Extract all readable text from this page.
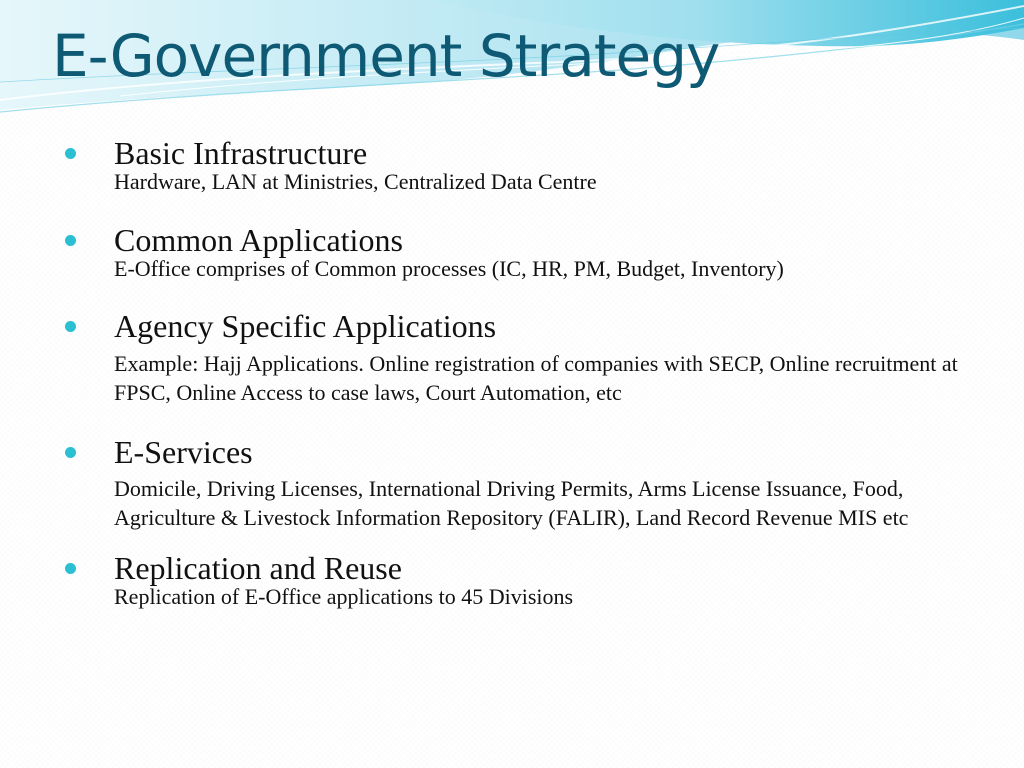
E-Government Strategy
Basic Infrastructure
Hardware, LAN at Ministries, Centralized Data Centre
Common Applications
E-Office comprises of Common processes (IC, HR, PM, Budget, Inventory)
Agency Specific Applications
Example: Hajj Applications. Online registration of companies with SECP, Online recruitment at FPSC, Online Access to case laws, Court Automation, etc
E-Services
Domicile, Driving Licenses, International Driving Permits, Arms License Issuance, Food, Agriculture & Livestock Information Repository (FALIR), Land Record Revenue MIS etc
Replication and Reuse
Replication of E-Office applications to 45 Divisions
